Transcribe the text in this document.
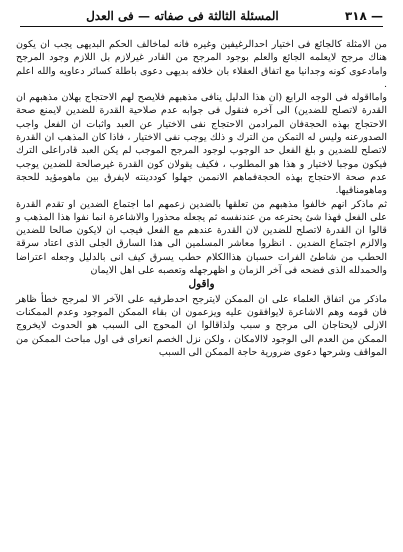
— ٣١٨
المسئلة الثالثة فى صفاته — فى العدل

من الامثلة كالجائع فى اختيار احدالرغيفين وغيره فانه لماخالف الحكم البديهى يجب ان يكون هناك مرجح لايعلمه الجائع والعلم بوجود المرجح من القادر غيرلازم بل اللازم وجود المرجح وامادعوى كونه وجدانيا مع اتفاق العقلاء بان خلافه بديهى دعوى باطلة كسائر دعاويه والله اعلم .

وامااقوله فى الوجه الرابع (ان هذا الدليل ينافى مذهبهم فلايصح لهم الاحتجاج بهلان مذهبهم ان القدرة لاتصلح للضدين) الى آخره فنقول فى جوابه عدم صلاحية القدرة للضدين لايمنع صحة الاحتجاج بهذه الحجةفان المرادمن الاحتجاج نفى الاختيار عن العبد واثبات ان الفعل واجب الصدورعنه وليس له التمكن من الترك و ذلك يوجب نفى الاختيار ، فاذا كان المذهب ان القدرة لاتصلح للضدين و بلغ الفعل حد الوجوب لوجود المرجح الموجب لم يكن العبد قادراعلى الترك فيكون موجبا لاختيار و هذا هو المطلوب ، فكيف يقولان كون القدرة غيرصالحة للضدين يوجب عدم صحة الاحتجاج بهذه الحجةفماهم الانممن جهلوا كوددينته لايفرق بين ماهومؤيد للحجة وماهومنافيها.

ثم ماذكر انهم خالفوا مذهبهم من تعلقها بالضدين زعمهم اما اجتماع الضدين او تقدم القدرة على الفعل فهذا شئ يحترعه من عندنفسه ثم يجعله محذورا والاشاعرة انما نفوا هذا المذهب و قالوا ان القدرة لاتصلح للضدين لان القدرة عندهم مع الفعل فيجب ان لايكون صالحا للضدين والالزم اجتماع الضدين . انظروا معاشر المسلمين الى هذا السارق الجلى الذى اعتاد سرقة الحطب من شاطئ الفرات حسبان هذاالكلام حطب يسرق كيف انى بالدليل وجعله اعتراضا والحمدلله الذى فضحه فى آخر الزمان و اظهرجهله وتعصبه على اهل الايمان

واقول

ماذكر من اتفاق العلماء على ان الممكن لايترجح احدطرفيه على الآخر الا لمرجح خطأ ظاهر فان قومه وهم الاشاعرة لايوافقون عليه ويزعمون ان بقاء الممكن الموجود وعدم الممكنات الازلى لايحتاجان الى مرجح و سبب ولذاقالوا ان المحوج الى السبب هو الحدوث لايخروج الممكن من العدم الى الوجود لاالامكان ، ولكن نزل الخصم انعراى فى اول مباحث الممكن من المواقف وشرحها دعوى ضرورية حاجة الممكن الى السبب
